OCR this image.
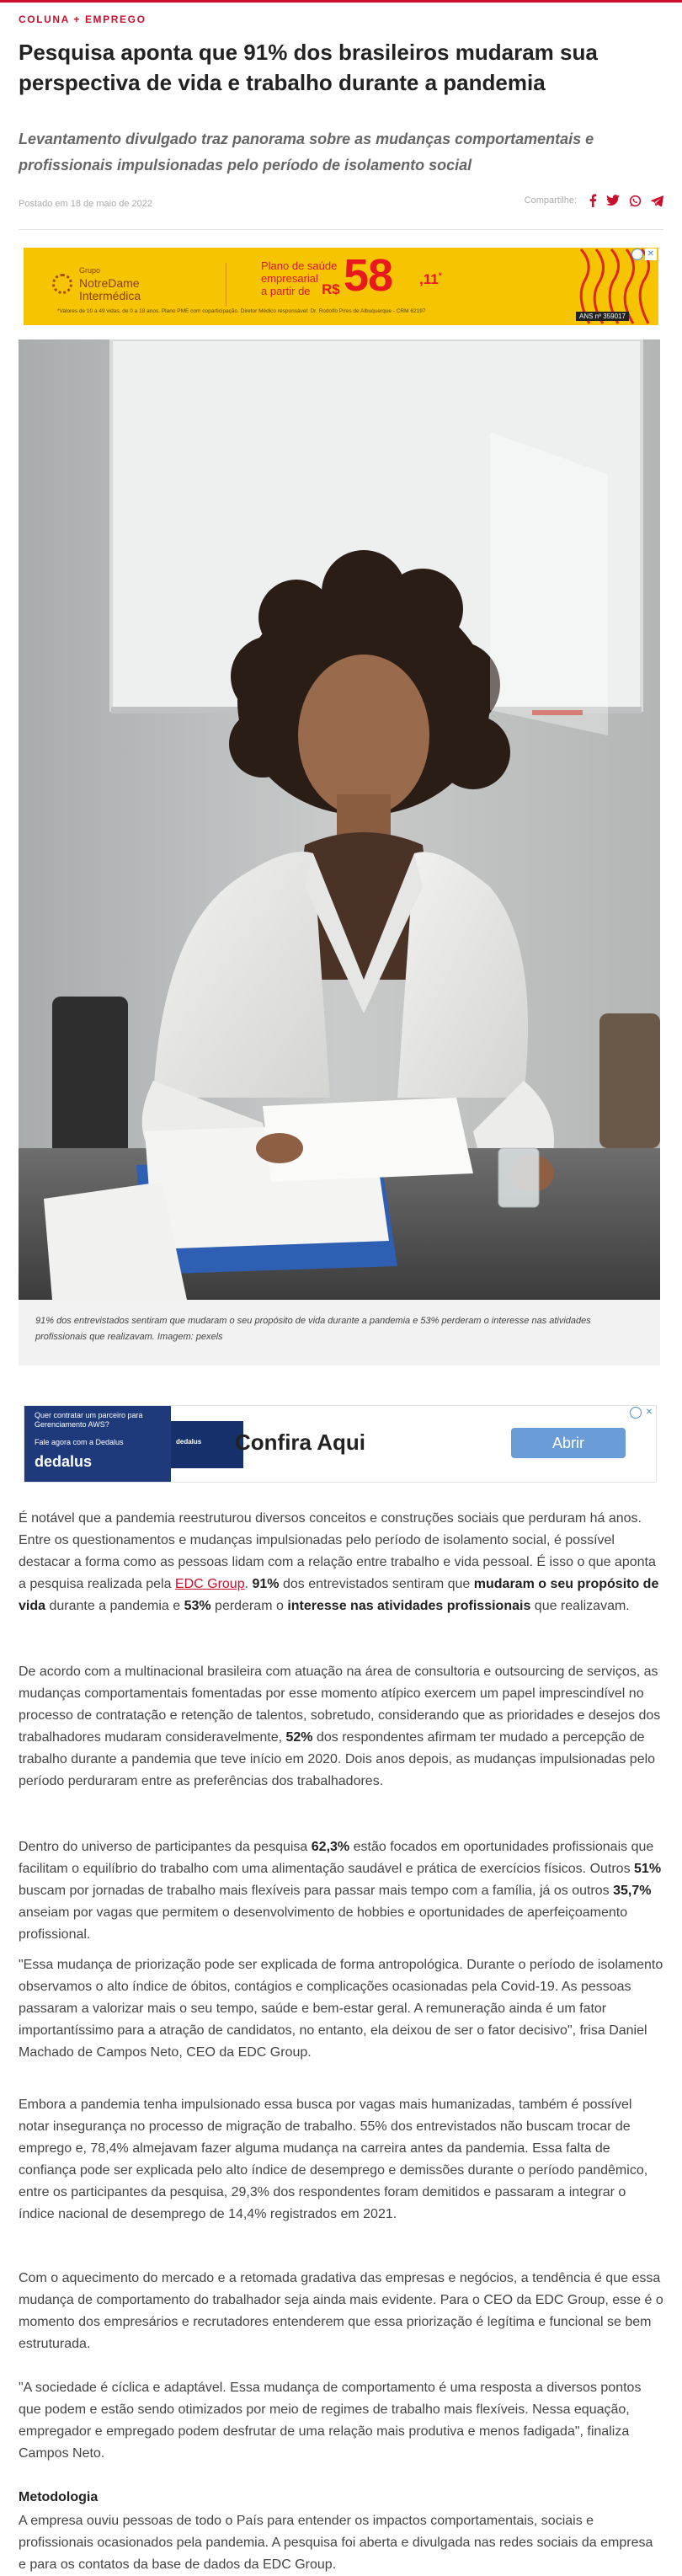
COLUNA + EMPREGO
Pesquisa aponta que 91% dos brasileiros mudaram sua perspectiva de vida e trabalho durante a pandemia
Levantamento divulgado traz panorama sobre as mudanças comportamentais e profissionais impulsionadas pelo período de isolamento social
Postado em 18 de maio de 2022	Compartilhe:
Grupo
NotreDame
Intermédica
Plano de saúde
empresarial
a partir de R$ 58 ,11*
*Valores de 10 a 49 vidas, de 0 a 18 anos. Plano PME com coparticipação. Diretor Médico responsável: Dr. Rodolfo Pires de Albuquerque - CRM 62197
ANS nº 359017
✕
91% dos entrevistados sentiram que mudaram o seu propósito de vida durante a pandemia e 53% perderam o interesse nas atividades profissionais que realizavam. Imagem: pexels
Quer contratar um parceiro para Gerenciamento AWS?
Fale agora com a Dedalus
dedalus
dedalus Confira Aqui	Abrir
✕

É notável que a pandemia reestruturou diversos conceitos e construções sociais que perduram há anos. Entre os questionamentos e mudanças impulsionadas pelo período de isolamento social, é possível destacar a forma como as pessoas lidam com a relação entre trabalho e vida pessoal. É isso o que aponta a pesquisa realizada pela EDC Group. 91% dos entrevistados sentiram que mudaram o seu propósito de vida durante a pandemia e 53% perderam o interesse nas atividades profissionais que realizavam.

De acordo com a multinacional brasileira com atuação na área de consultoria e outsourcing de serviços, as mudanças comportamentais fomentadas por esse momento atípico exercem um papel imprescindível no processo de contratação e retenção de talentos, sobretudo, considerando que as prioridades e desejos dos trabalhadores mudaram consideravelmente, 52% dos respondentes afirmam ter mudado a percepção de trabalho durante a pandemia que teve início em 2020. Dois anos depois, as mudanças impulsionadas pelo período perduraram entre as preferências dos trabalhadores.

Dentro do universo de participantes da pesquisa 62,3% estão focados em oportunidades profissionais que facilitam o equilíbrio do trabalho com uma alimentação saudável e prática de exercícios físicos. Outros 51% buscam por jornadas de trabalho mais flexíveis para passar mais tempo com a família, já os outros 35,7% anseiam por vagas que permitem o desenvolvimento de hobbies e oportunidades de aperfeiçoamento profissional.

"Essa mudança de priorização pode ser explicada de forma antropológica. Durante o período de isolamento observamos o alto índice de óbitos, contágios e complicações ocasionadas pela Covid-19. As pessoas passaram a valorizar mais o seu tempo, saúde e bem-estar geral. A remuneração ainda é um fator importantíssimo para a atração de candidatos, no entanto, ela deixou de ser o fator decisivo", frisa Daniel Machado de Campos Neto, CEO da EDC Group.

Embora a pandemia tenha impulsionado essa busca por vagas mais humanizadas, também é possível notar insegurança no processo de migração de trabalho. 55% dos entrevistados não buscam trocar de emprego e, 78,4% almejavam fazer alguma mudança na carreira antes da pandemia. Essa falta de confiança pode ser explicada pelo alto índice de desemprego e demissões durante o período pandêmico, entre os participantes da pesquisa, 29,3% dos respondentes foram demitidos e passaram a integrar o índice nacional de desemprego de 14,4% registrados em 2021.

Com o aquecimento do mercado e a retomada gradativa das empresas e negócios, a tendência é que essa mudança de comportamento do trabalhador seja ainda mais evidente. Para o CEO da EDC Group, esse é o momento dos empresários e recrutadores entenderem que essa priorização é legítima e funcional se bem estruturada.

"A sociedade é cíclica e adaptável. Essa mudança de comportamento é uma resposta a diversos pontos que podem e estão sendo otimizados por meio de regimes de trabalho mais flexíveis. Nessa equação, empregador e empregado podem desfrutar de uma relação mais produtiva e menos fadigada", finaliza Campos Neto.

Metodologia

A empresa ouviu pessoas de todo o País para entender os impactos comportamentais, sociais e profissionais ocasionados pela pandemia. A pesquisa foi aberta e divulgada nas redes sociais da empresa e para os contatos da base de dados da EDC Group.
